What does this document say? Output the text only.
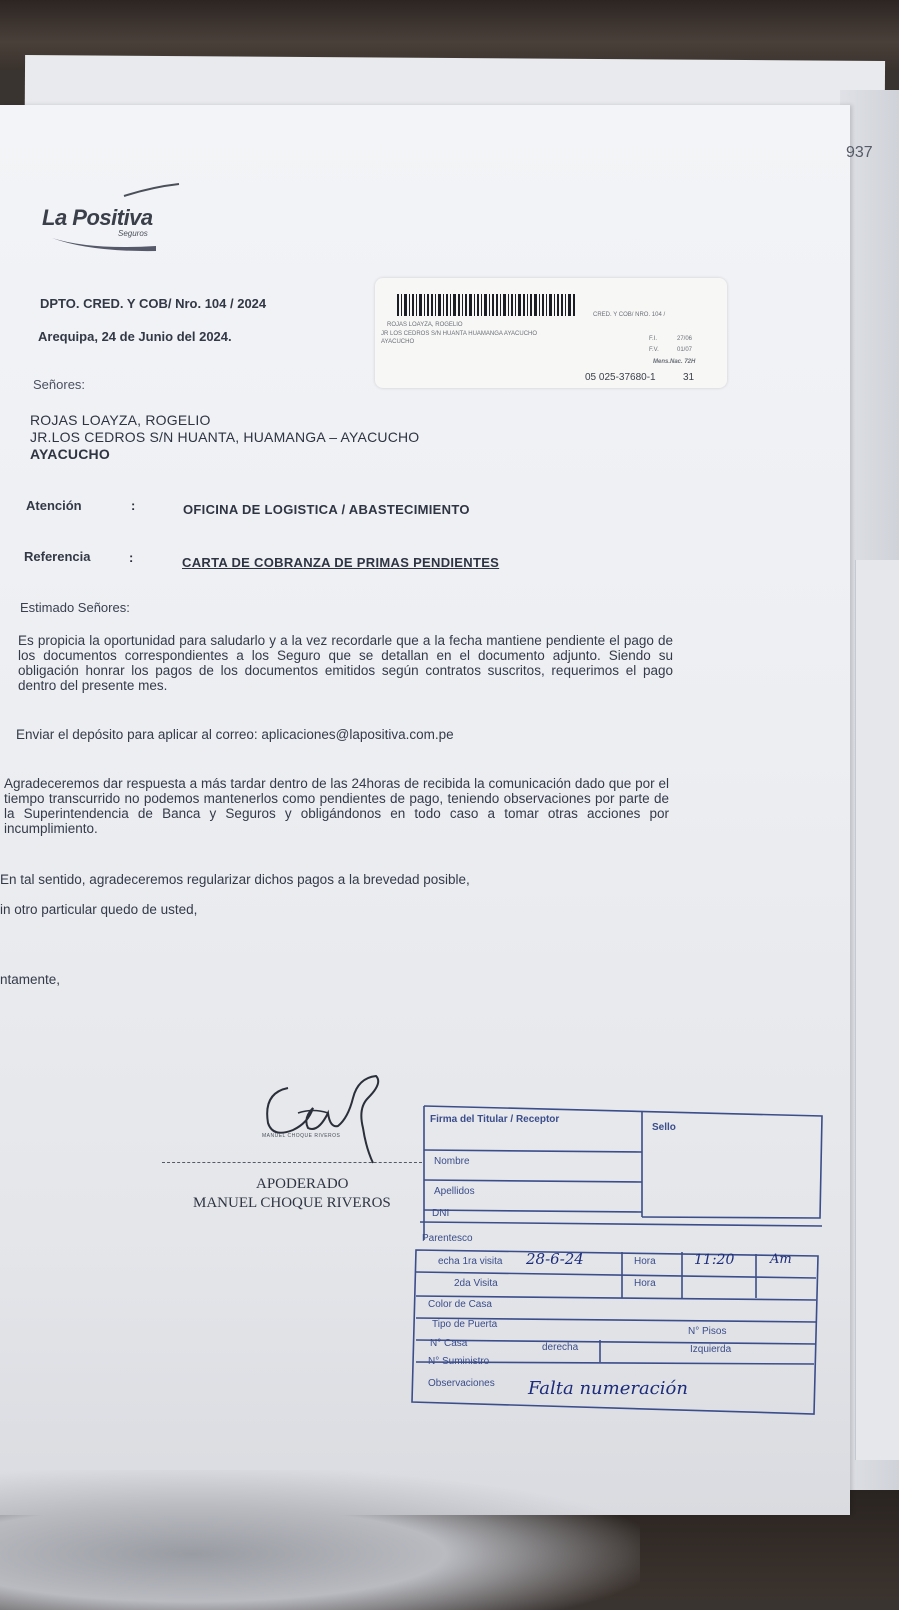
937
La Positiva
Seguros
DPTO. CRED. Y COB/ Nro. 104 / 2024
Arequipa, 24 de Junio del 2024.
ROJAS LOAYZA, ROGELIO
JR LOS CEDROS S/N HUANTA HUAMANGA AYACUCHO
AYACUCHO
CRED. Y COB/ NRO. 104 /
F.I.	27/06
F.V.	01/07
Mens.Nac. 72H
05 025-37680-1	31
Señores:
ROJAS LOAYZA, ROGELIO
JR.LOS CEDROS S/N HUANTA, HUAMANGA – AYACUCHO
AYACUCHO
Atención	:	OFICINA DE LOGISTICA / ABASTECIMIENTO
Referencia	:	CARTA DE COBRANZA DE PRIMAS PENDIENTES
Estimado Señores:
Es propicia la oportunidad para saludarlo y a la vez recordarle que a la fecha mantiene pendiente el pago de los documentos correspondientes a los Seguro que se detallan en el documento adjunto. Siendo su obligación honrar los pagos de los documentos emitidos según contratos suscritos, requerimos el pago dentro del presente mes.
Enviar el depósito para aplicar al correo: aplicaciones@lapositiva.com.pe
Agradeceremos dar respuesta a más tardar dentro de las 24horas de recibida la comunicación dado que por el tiempo transcurrido no podemos mantenerlos como pendientes de pago, teniendo observaciones por parte de la Superintendencia de Banca y Seguros y obligándonos en todo caso a tomar otras acciones por incumplimiento.
En tal sentido, agradeceremos regularizar dichos pagos a la brevedad posible,
in otro particular quedo de usted,
ntamente,
MANUEL CHOQUE RIVEROS
APODERADO
MANUEL CHOQUE RIVEROS
Firma del Titular / Receptor
Sello
Nombre
Apellidos
DNI
Parentesco
echa 1ra visita 28-6-24	Hora	11:20	Am
2da Visita	Hora
Color de Casa
Tipo de Puerta
N° Pisos
N° Casa	derecha	Izquierda
N° Suministro
Observaciones Falta numeración
